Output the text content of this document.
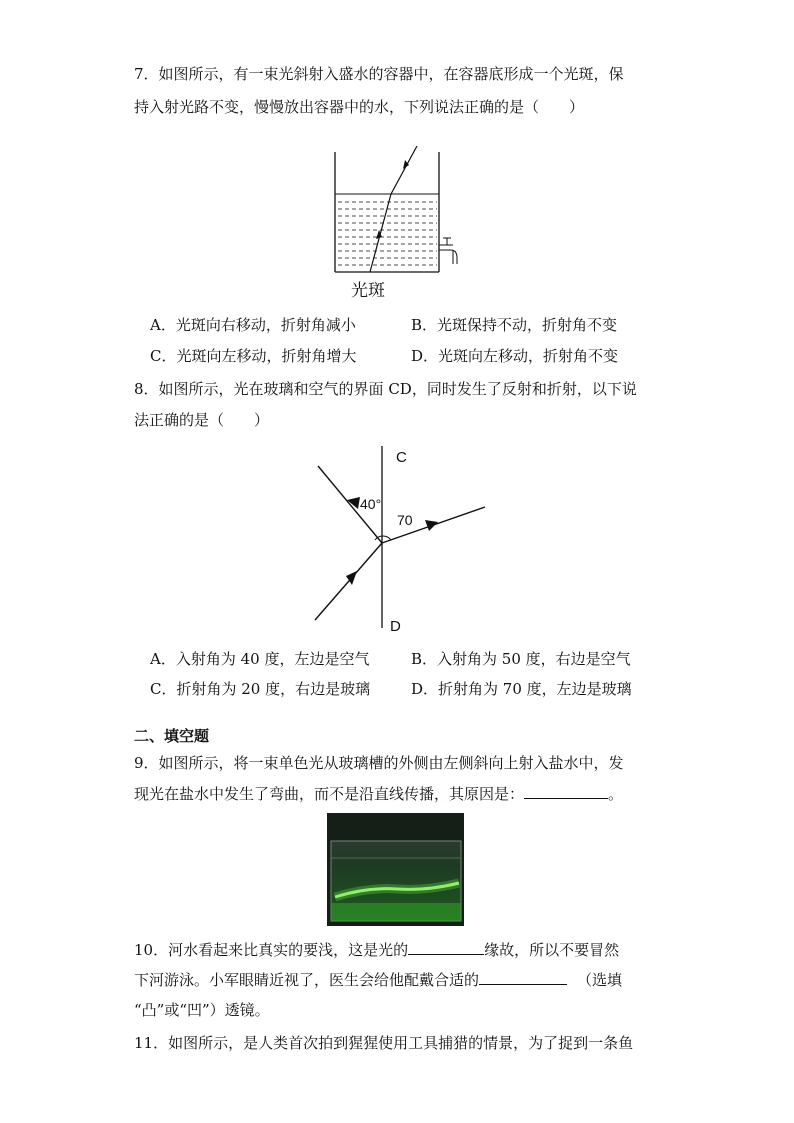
7．如图所示，有一束光斜射入盛水的容器中，在容器底形成一个光斑，保
持入射光路不变，慢慢放出容器中的水，下列说法正确的是（　　）
光斑
A．光斑向右移动，折射角减小	B．光斑保持不动，折射角不变
C．光斑向左移动，折射角增大	D．光斑向左移动，折射角不变
8．如图所示，光在玻璃和空气的界面 CD，同时发生了反射和折射，以下说
法正确的是（　　）
C
D
40°
70
A．入射角为 40 度，左边是空气	B．入射角为 50 度，右边是空气
C．折射角为 20 度，右边是玻璃	D．折射角为 70 度，左边是玻璃
二、填空题
9．如图所示，将一束单色光从玻璃槽的外侧由左侧斜向上射入盐水中，发
现光在盐水中发生了弯曲，而不是沿直线传播，其原因是：	。
10．河水看起来比真实的要浅，这是光的	缘故，所以不要冒然
下河游泳。小军眼睛近视了，医生会给他配戴合适的	（选填
“凸”或“凹”）透镜。
11．如图所示，是人类首次拍到猩猩使用工具捕猎的情景，为了捉到一条鱼
